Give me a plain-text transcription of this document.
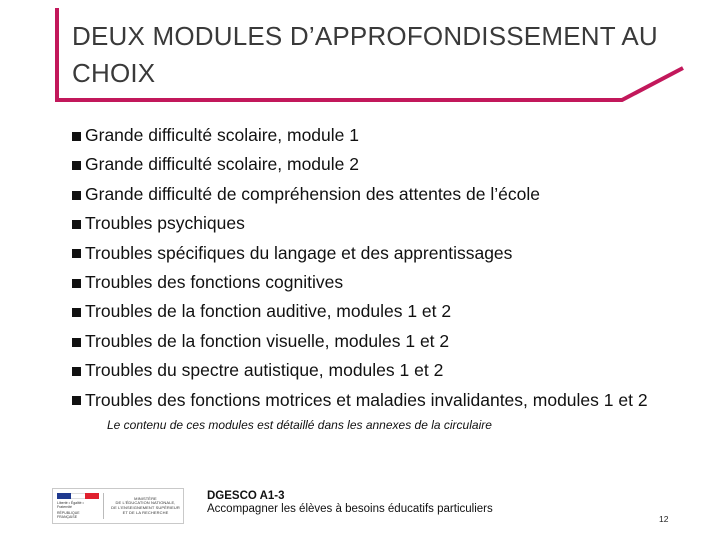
DEUX MODULES D’APPROFONDISSEMENT AU CHOIX
Grande difficulté scolaire, module 1
Grande difficulté scolaire, module 2
Grande difficulté de compréhension des attentes de l’école
Troubles psychiques
Troubles spécifiques du langage et des apprentissages
Troubles des fonctions cognitives
Troubles de la fonction auditive, modules 1 et 2
Troubles de la fonction visuelle, modules 1 et 2
Troubles du spectre autistique, modules 1 et 2
Troubles des fonctions motrices et maladies invalidantes, modules 1 et 2
Le contenu de ces modules est détaillé dans les annexes de la circulaire
Liberté • Égalité • Fraternité
RÉPUBLIQUE FRANÇAISE
MINISTÈRE
DE L'ÉDUCATION NATIONALE,
DE L'ENSEIGNEMENT SUPÉRIEUR
ET DE LA RECHERCHE
DGESCO A1-3
Accompagner les élèves à besoins éducatifs particuliers
12
